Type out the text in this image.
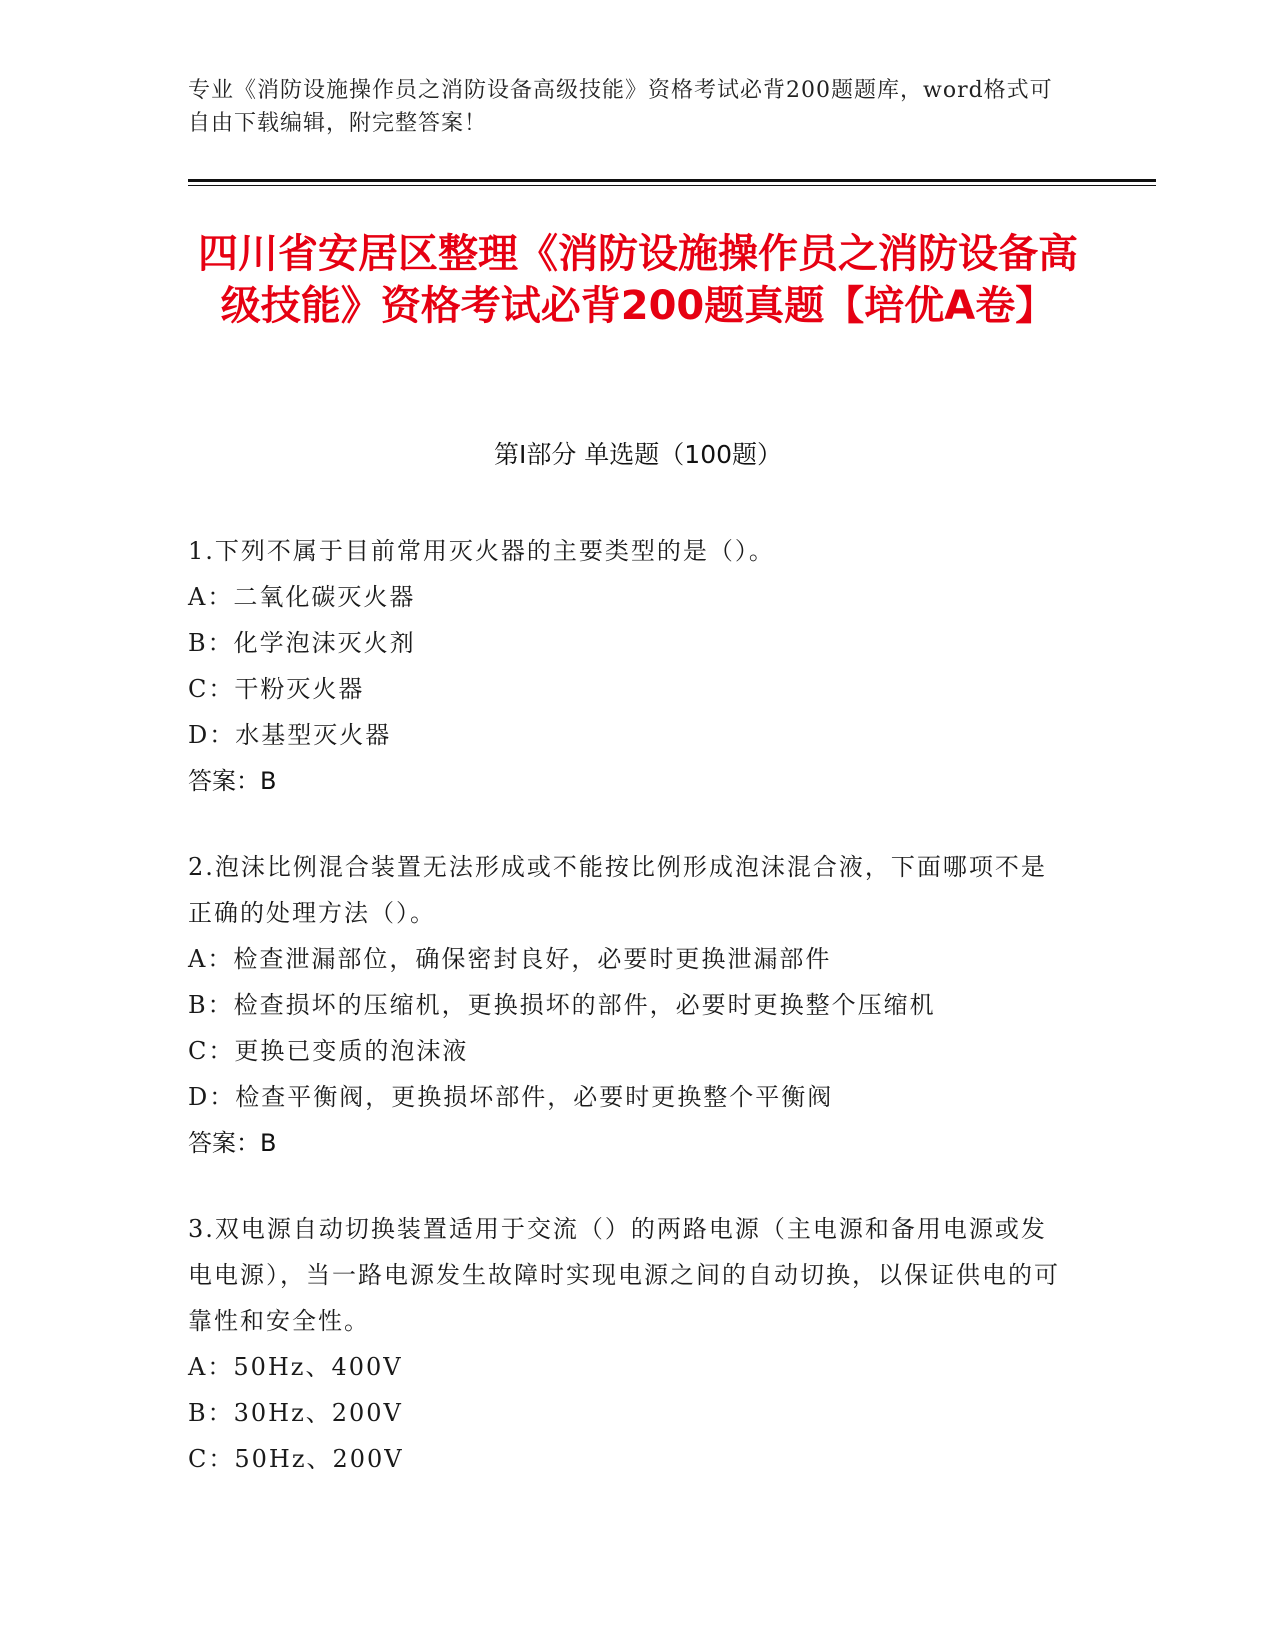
专业《消防设施操作员之消防设备高级技能》资格考试必背200题题库，word格式可自由下载编辑，附完整答案！
四川省安居区整理《消防设施操作员之消防设备高级技能》资格考试必背200题真题【培优A卷】
第Ⅰ部分 单选题（100题）

1.下列不属于目前常用灭火器的主要类型的是（）。

A：二氧化碳灭火器

B：化学泡沫灭火剂

C：干粉灭火器

D：水基型灭火器

答案：B

2.泡沫比例混合装置无法形成或不能按比例形成泡沫混合液，下面哪项不是正确的处理方法（）。

A：检查泄漏部位，确保密封良好，必要时更换泄漏部件

B：检查损坏的压缩机，更换损坏的部件，必要时更换整个压缩机

C：更换已变质的泡沫液

D：检查平衡阀，更换损坏部件，必要时更换整个平衡阀

答案：B

3.双电源自动切换装置适用于交流（）的两路电源（主电源和备用电源或发电电源），当一路电源发生故障时实现电源之间的自动切换，以保证供电的可靠性和安全性。

A：50Hz、400V

B：30Hz、200V

C：50Hz、200V
